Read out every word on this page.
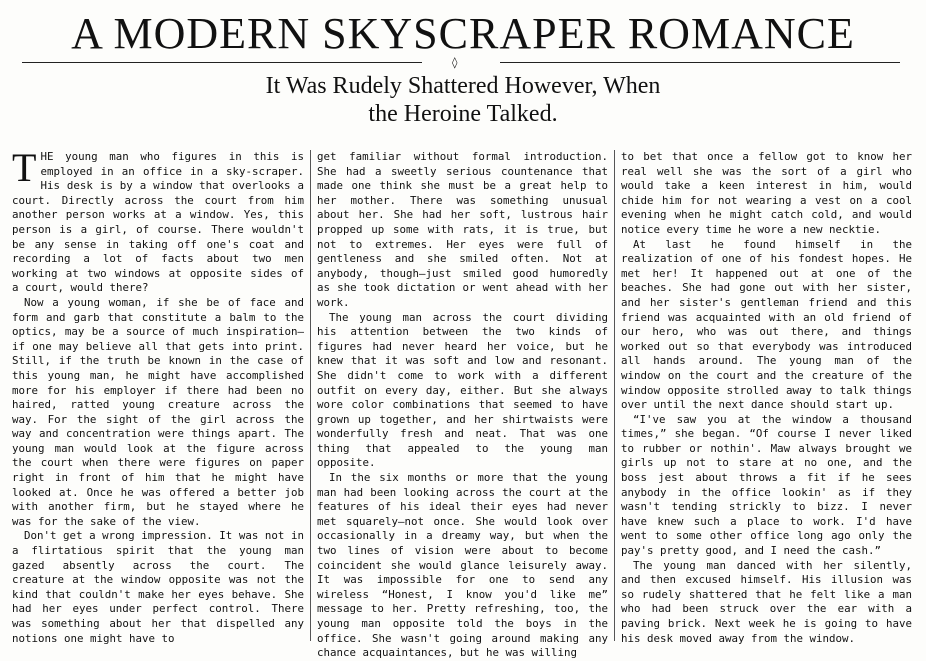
A MODERN SKYSCRAPER ROMANCE
◊
It Was Rudely Shattered However, When
the Heroine Talked.

THE young man who figures in this is employed in an office in a sky-scraper. His desk is by a window that overlooks a court. Directly across the court from him another person works at a window. Yes, this person is a girl, of course. There wouldn't be any sense in taking off one's coat and recording a lot of facts about two men working at two windows at opposite sides of a court, would there?

Now a young woman, if she be of face and form and garb that constitute a balm to the optics, may be a source of much inspiration—if one may believe all that gets into print. Still, if the truth be known in the case of this young man, he might have accomplished more for his employer if there had been no haired, ratted young creature across the way. For the sight of the girl across the way and concentration were things apart. The young man would look at the figure across the court when there were figures on paper right in front of him that he might have looked at. Once he was offered a better job with another firm, but he stayed where he was for the sake of the view.

Don't get a wrong impression. It was not in a flirtatious spirit that the young man gazed absently across the court. The creature at the window opposite was not the kind that couldn't make her eyes behave. She had her eyes under perfect control. There was something about her that dispelled any notions one might have to

get familiar without formal introduction. She had a sweetly serious countenance that made one think she must be a great help to her mother. There was something unusual about her. She had her soft, lustrous hair propped up some with rats, it is true, but not to extremes. Her eyes were full of gentleness and she smiled often. Not at anybody, though—just smiled good humoredly as she took dictation or went ahead with her work.

The young man across the court dividing his attention between the two kinds of figures had never heard her voice, but he knew that it was soft and low and resonant. She didn't come to work with a different outfit on every day, either. But she always wore color combinations that seemed to have grown up together, and her shirtwaists were wonderfully fresh and neat. That was one thing that appealed to the young man opposite.

In the six months or more that the young man had been looking across the court at the features of his ideal their eyes had never met squarely—not once. She would look over occasionally in a dreamy way, but when the two lines of vision were about to become coincident she would glance leisurely away. It was impossible for one to send any wireless “Honest, I know you'd like me” message to her. Pretty refreshing, too, the young man opposite told the boys in the office. She wasn't going around making any chance acquaintances, but he was willing

to bet that once a fellow got to know her real well she was the sort of a girl who would take a keen interest in him, would chide him for not wearing a vest on a cool evening when he might catch cold, and would notice every time he wore a new necktie.

At last he found himself in the realization of one of his fondest hopes. He met her! It happened out at one of the beaches. She had gone out with her sister, and her sister's gentleman friend and this friend was acquainted with an old friend of our hero, who was out there, and things worked out so that everybody was introduced all hands around. The young man of the window on the court and the creature of the window opposite strolled away to talk things over until the next dance should start up.

“I've saw you at the window a thousand times,” she began. “Of course I never liked to rubber or nothin'. Maw always brought we girls up not to stare at no one, and the boss jest about throws a fit if he sees anybody in the office lookin' as if they wasn't tending strickly to bizz. I never have knew such a place to work. I'd have went to some other office long ago only the pay's pretty good, and I need the cash.”

The young man danced with her silently, and then excused himself. His illusion was so rudely shattered that he felt like a man who had been struck over the ear with a paving brick. Next week he is going to have his desk moved away from the window.
